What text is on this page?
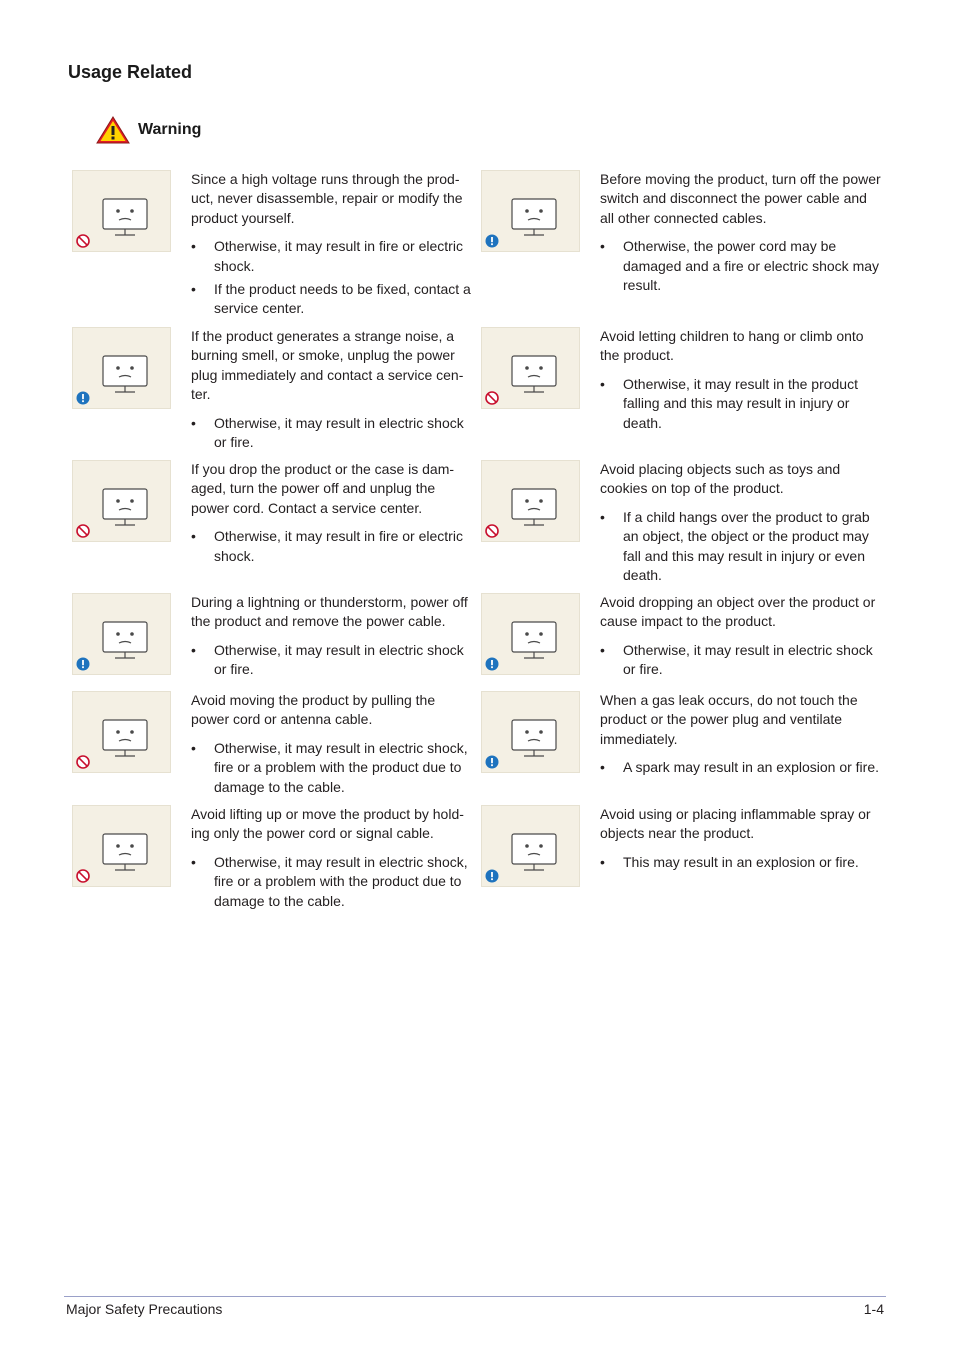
Usage Related
Warning

Since a high voltage runs through the prod-uct, never disassemble, repair or modify the product yourself.

• Otherwise, it may result in fire or electric shock.
• If the product needs to be fixed, contact a service center.

Before moving the product, turn off the power switch and disconnect the power cable and all other connected cables.

• Otherwise, the power cord may be damaged and a fire or electric shock may result.

If the product generates a strange noise, a burning smell, or smoke, unplug the power plug immediately and contact a service cen-ter.

• Otherwise, it may result in electric shock or fire.

Avoid letting children to hang or climb onto the product.

• Otherwise, it may result in the product falling and this may result in injury or death.

If you drop the product or the case is dam-aged, turn the power off and unplug the power cord. Contact a service center.

• Otherwise, it may result in fire or electric shock.

Avoid placing objects such as toys and cookies on top of the product.

• If a child hangs over the product to grab an object, the object or the product may fall and this may result in injury or even death.

During a lightning or thunderstorm, power off the product and remove the power cable.

• Otherwise, it may result in electric shock or fire.

Avoid dropping an object over the product or cause impact to the product.

• Otherwise, it may result in electric shock or fire.

Avoid moving the product by pulling the power cord or antenna cable.

• Otherwise, it may result in electric shock, fire or a problem with the product due to damage to the cable.

When a gas leak occurs, do not touch the product or the power plug and ventilate immediately.

• A spark may result in an explosion or fire.

Avoid lifting up or move the product by hold-ing only the power cord or signal cable.

• Otherwise, it may result in electric shock, fire or a problem with the product due to damage to the cable.

Avoid using or placing inflammable spray or objects near the product.

• This may result in an explosion or fire.
Major Safety Precautions	1-4
